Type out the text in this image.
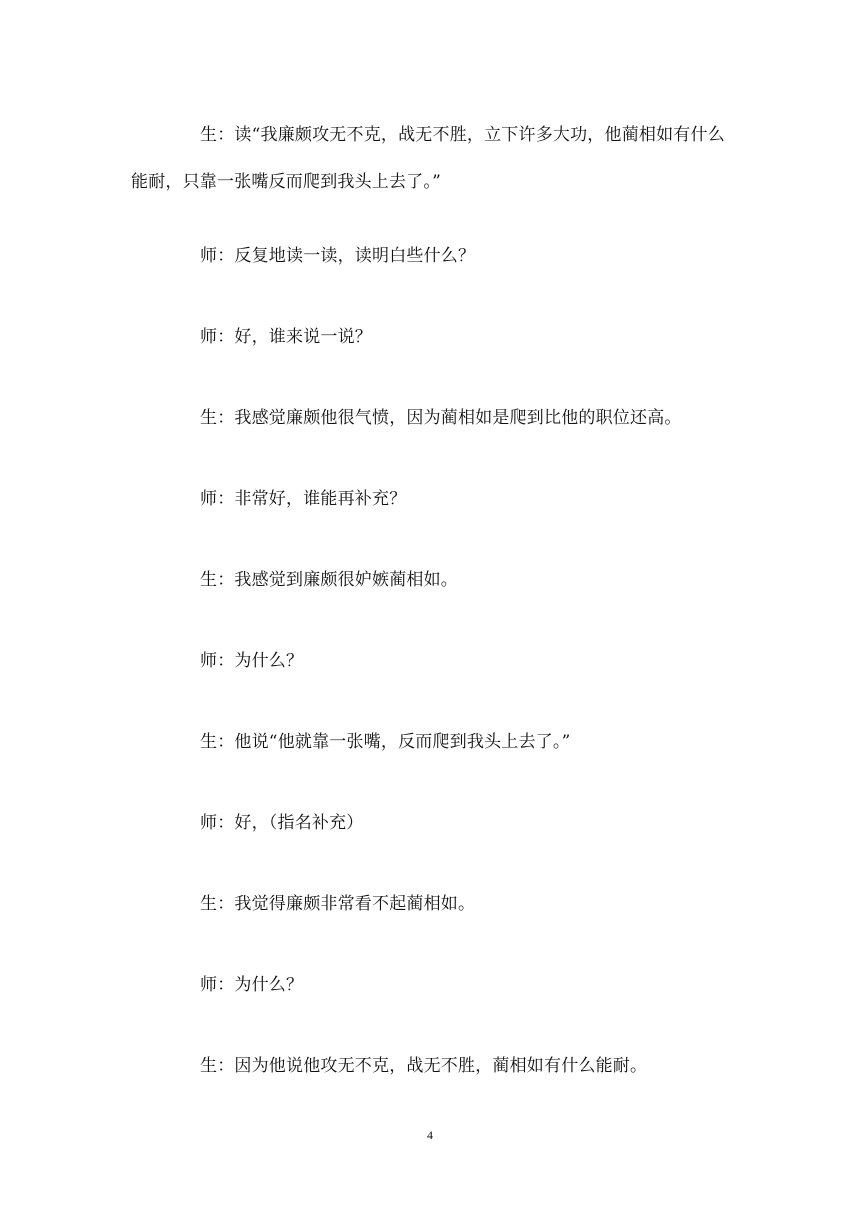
生：读“我廉颇攻无不克，战无不胜，立下许多大功，他蔺相如有什么
能耐，只靠一张嘴反而爬到我头上去了。”
师：反复地读一读，读明白些什么？
师：好，谁来说一说？
生：我感觉廉颇他很气愤，因为蔺相如是爬到比他的职位还高。
师：非常好，谁能再补充？
生：我感觉到廉颇很妒嫉蔺相如。
师：为什么？
生：他说“他就靠一张嘴，反而爬到我头上去了。”
师：好，（指名补充）
生：我觉得廉颇非常看不起蔺相如。
师：为什么？
生：因为他说他攻无不克，战无不胜，蔺相如有什么能耐。
4
